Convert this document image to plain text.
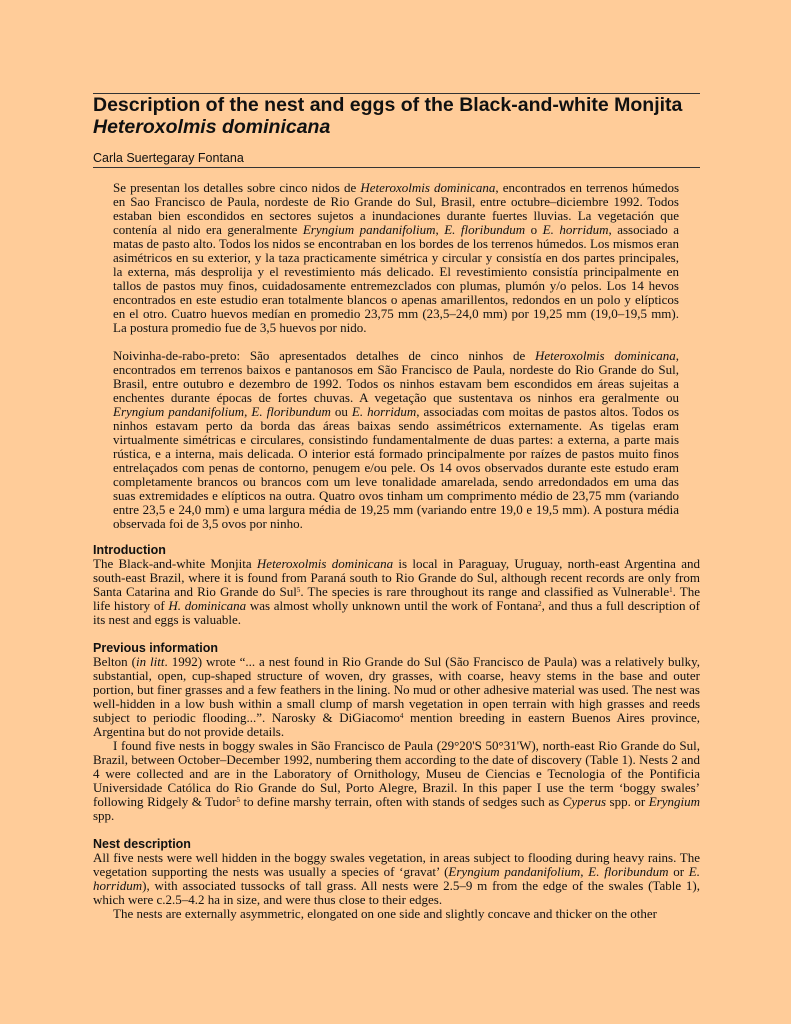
Description of the nest and eggs of the Black-and-white Monjita
Heteroxolmis dominicana
Carla Suertegaray Fontana

Se presentan los detalles sobre cinco nidos de Heteroxolmis dominicana, encontrados en terrenos húmedos en Sao Francisco de Paula, nordeste de Rio Grande do Sul, Brasil, entre octubre–diciembre 1992. Todos estaban bien escondidos en sectores sujetos a inundaciones durante fuertes lluvias. La vegetación que contenía al nido era generalmente Eryngium pandanifolium, E. floribundum o E. horridum, associado a matas de pasto alto. Todos los nidos se encontraban en los bordes de los terrenos húmedos. Los mismos eran asimétricos en su exterior, y la taza practicamente simétrica y circular y consistía en dos partes principales, la externa, más desprolija y el revestimiento más delicado. El revestimiento consistía principalmente en tallos de pastos muy finos, cuidadosamente entremezclados con plumas, plumón y/o pelos. Los 14 hevos encontrados en este estudio eran totalmente blancos o apenas amarillentos, redondos en un polo y elípticos en el otro. Cuatro huevos medían en promedio 23,75 mm (23,5–24,0 mm) por 19,25 mm (19,0–19,5 mm). La postura promedio fue de 3,5 huevos por nido.

Noivinha-de-rabo-preto: São apresentados detalhes de cinco ninhos de Heteroxolmis dominicana, encontrados em terrenos baixos e pantanosos em São Francisco de Paula, nordeste do Rio Grande do Sul, Brasil, entre outubro e dezembro de 1992. Todos os ninhos estavam bem escondidos em áreas sujeitas a enchentes durante épocas de fortes chuvas. A vegetação que sustentava os ninhos era geralmente ou Eryngium pandanifolium, E. floribundum ou E. horridum, associadas com moitas de pastos altos. Todos os ninhos estavam perto da borda das áreas baixas sendo assimétricos externamente. As tigelas eram virtualmente simétricas e circulares, consistindo fundamentalmente de duas partes: a externa, a parte mais rústica, e a interna, mais delicada. O interior está formado principalmente por raízes de pastos muito finos entrelaçados com penas de contorno, penugem e/ou pele. Os 14 ovos observados durante este estudo eram completamente brancos ou brancos com um leve tonalidade amarelada, sendo arredondados em uma das suas extremidades e elípticos na outra. Quatro ovos tinham um comprimento médio de 23,75 mm (variando entre 23,5 e 24,0 mm) e uma largura média de 19,25 mm (variando entre 19,0 e 19,5 mm). A postura média observada foi de 3,5 ovos por ninho.

Introduction

The Black-and-white Monjita Heteroxolmis dominicana is local in Paraguay, Uruguay, north-east Argentina and south-east Brazil, where it is found from Paraná south to Rio Grande do Sul, although recent records are only from Santa Catarina and Rio Grande do Sul$^5$. The species is rare throughout its range and classified as Vulnerable$^1$. The life history of H. dominicana was almost wholly unknown until the work of Fontana$^2$, and thus a full description of its nest and eggs is valuable.

Previous information

Belton (in litt. 1992) wrote “... a nest found in Rio Grande do Sul (São Francisco de Paula) was a relatively bulky, substantial, open, cup-shaped structure of woven, dry grasses, with coarse, heavy stems in the base and outer portion, but finer grasses and a few feathers in the lining. No mud or other adhesive material was used. The nest was well-hidden in a low bush within a small clump of marsh vegetation in open terrain with high grasses and reeds subject to periodic flooding...”. Narosky & DiGiacomo$^4$ mention breeding in eastern Buenos Aires province, Argentina but do not provide details.

I found five nests in boggy swales in São Francisco de Paula (29°20'S 50°31'W), north-east Rio Grande do Sul, Brazil, between October–December 1992, numbering them according to the date of discovery (Table 1). Nests 2 and 4 were collected and are in the Laboratory of Ornithology, Museu de Ciencias e Tecnologia of the Pontificia Universidade Católica do Rio Grande do Sul, Porto Alegre, Brazil. In this paper I use the term ‘boggy swales’ following Ridgely & Tudor$^5$ to define marshy terrain, often with stands of sedges such as Cyperus spp. or Eryngium spp.

Nest description

All five nests were well hidden in the boggy swales vegetation, in areas subject to flooding during heavy rains. The vegetation supporting the nests was usually a species of ‘gravat’ (Eryngium pandanifolium, E. floribundum or E. horridum), with associated tussocks of tall grass. All nests were 2.5–9 m from the edge of the swales (Table 1), which were c.2.5–4.2 ha in size, and were thus close to their edges.

The nests are externally asymmetric, elongated on one side and slightly concave and thicker on the other
